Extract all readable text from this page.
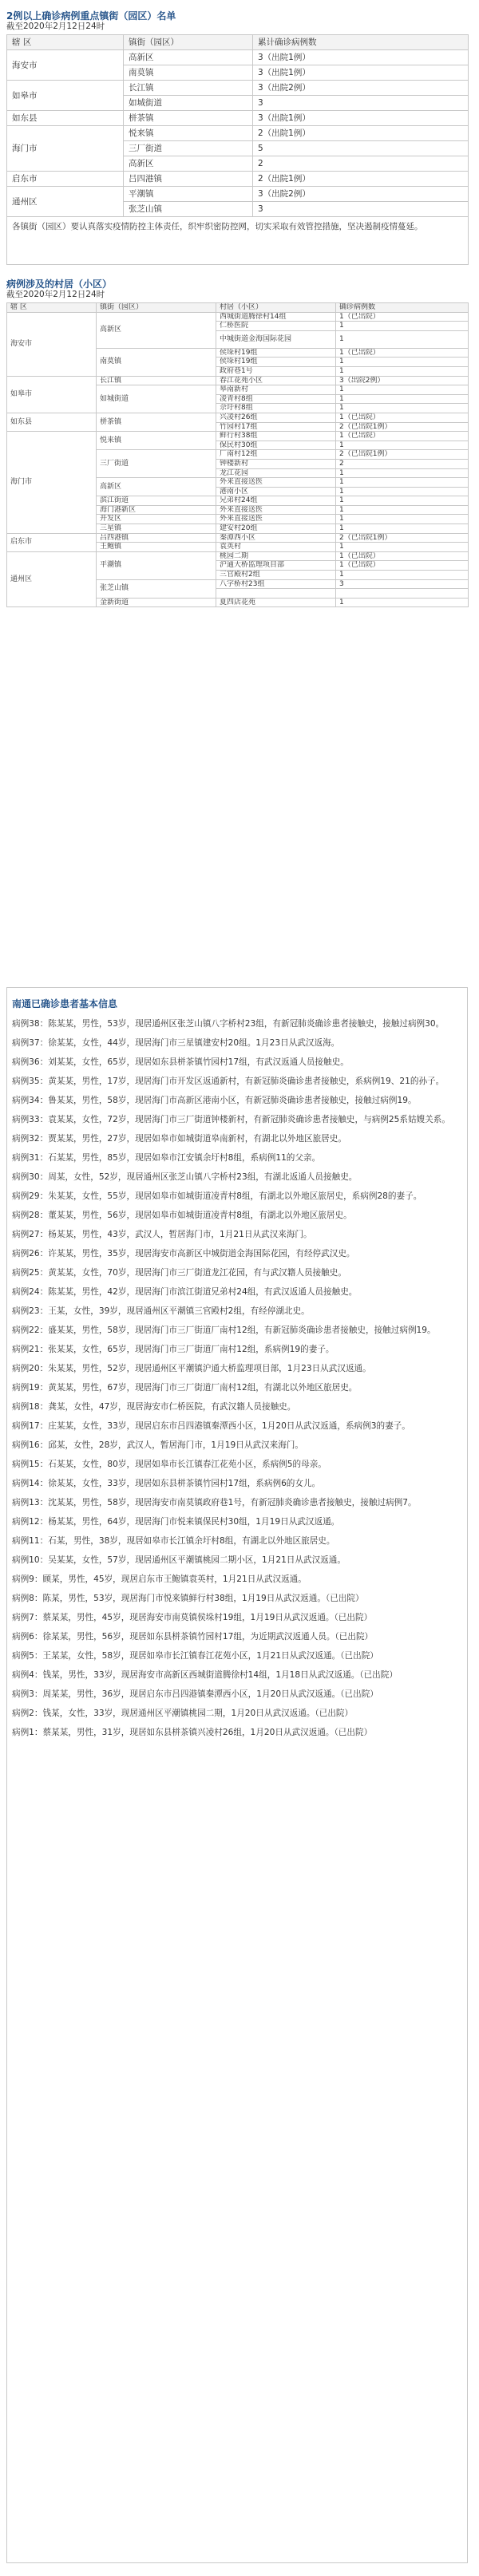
2例以上确诊病例重点镇街（园区）名单
截至2020年2月12日24时
辖 区	镇街（园区）	累计确诊病例数
海安市	高新区	3（出院1例）
	南莫镇	3（出院1例）
如皋市	长江镇	3（出院2例）
	如城街道	3
如东县	栟茶镇	3（出院1例）
海门市	悦来镇	2（出院1例）
	三厂街道	5
	高新区	2
启东市	吕四港镇	2（出院1例）
通州区	平潮镇	3（出院2例）
	张芝山镇	3
各镇街（园区）要认真落实疫情防控主体责任，织牢织密防控网，切实采取有效管控措施，坚决遏制疫情蔓延。		
病例涉及的村居（小区）
截至2020年2月12日24时
辖 区	镇街（园区）	村居（小区）	确诊病例数
海安市	高新区	西城街道腾徐村14组	1（已出院）
		仁桥医院	1
		中城街道金海国际花园	1
	南莫镇	侯垛村19组	1（已出院）
		侯垛村19组	1
		政府巷1号	1
如皋市	长江镇	春江花苑小区	3（出院2例）
	如城街道	皋南新村	1
		凌青村8组	1
		佘圩村8组	1
如东县	栟茶镇	兴凌村26组	1（已出院）
		竹园村17组	2（已出院1例）
海门市	悦来镇	鲜行村38组	1（已出院）
		保民村30组	1
	三厂街道	厂南村12组	2（已出院1例）
		钟楼新村	2
		龙江花园	1
	高新区	外来直接送医	1
		港南小区	1
	滨江街道	兄弟村24组	1
	海门港新区	外来直接送医	1
	开发区	外来直接送医	1
	三星镇	建安村20组	1
启东市	吕四港镇	秦潭西小区	2（已出院1例）
	王鲍镇	袁英村	1
通州区	平潮镇	桃园二期	1（已出院）
		沪通大桥监理项目部	1（已出院）
		三官殿村2组	1
	张芝山镇	八字桥村23组	3

	金新街道	夏四店花苑	1
南通已确诊患者基本信息
病例38：陈某某，男性，53岁，现居通州区张芝山镇八字桥村23组，有新冠肺炎确诊患者接触史，接触过病例30。
病例37：徐某某，女性，44岁，现居海门市三星镇建安村20组。1月23日从武汉返海。
病例36：刘某某，女性，65岁，现居如东县栟茶镇竹园村17组，有武汉返通人员接触史。
病例35：黄某某，男性，17岁，现居海门市开发区返通新村，有新冠肺炎确诊患者接触史，系病例19、21的孙子。
病例34：鲁某某，男性，58岁，现居海门市高新区港南小区，有新冠肺炎确诊患者接触史，接触过病例19。
病例33：袁某某，女性，72岁，现居海门市三厂街道钟楼新村，有新冠肺炎确诊患者接触史，与病例25系姑嫂关系。
病例32：贾某某，男性，27岁，现居如皋市如城街道皋南新村，有湖北以外地区旅居史。
病例31：石某某，男性，85岁，现居如皋市江安镇余圩村8组，系病例11的父亲。
病例30：周某，女性，52岁，现居通州区张芝山镇八字桥村23组，有湖北返通人员接触史。
病例29：朱某某，女性，55岁，现居如皋市如城街道凌青村8组，有湖北以外地区旅居史，系病例28的妻子。
病例28：董某某，男性，56岁，现居如皋市如城街道凌青村8组，有湖北以外地区旅居史。
病例27：杨某某，男性，43岁，武汉人，暂居海门市，1月21日从武汉来海门。
病例26：许某某，男性，35岁，现居海安市高新区中城街道金海国际花园，有经停武汉史。
病例25：黄某某，女性，70岁，现居海门市三厂街道龙江花园，有与武汉籍人员接触史。
病例24：陈某某，男性，42岁，现居海门市滨江街道兄弟村24组，有武汉返通人员接触史。
病例23：王某，女性，39岁，现居通州区平潮镇三官殿村2组，有经停湖北史。
病例22：盛某某，男性，58岁，现居海门市三厂街道厂南村12组，有新冠肺炎确诊患者接触史，接触过病例19。
病例21：张某某，女性，65岁，现居海门市三厂街道厂南村12组，系病例19的妻子。
病例20：朱某某，男性，52岁，现居通州区平潮镇沪通大桥监理项目部，1月23日从武汉返通。
病例19：黄某某，男性，67岁，现居海门市三厂街道厂南村12组，有湖北以外地区旅居史。
病例18：龚某，女性，47岁，现居海安市仁桥医院，有武汉籍人员接触史。
病例17：庄某某，女性，33岁，现居启东市吕四港镇秦潭西小区，1月20日从武汉返通，系病例3的妻子。
病例16：邱某，女性，28岁，武汉人，暂居海门市，1月19日从武汉来海门。
病例15：石某某，女性，80岁，现居如皋市长江镇春江花苑小区，系病例5的母亲。
病例14：徐某某，女性，33岁，现居如东县栟茶镇竹园村17组，系病例6的女儿。
病例13：沈某某，男性，58岁，现居海安市南莫镇政府巷1号，有新冠肺炎确诊患者接触史，接触过病例7。
病例12：杨某某，男性，64岁，现居海门市悦来镇保民村30组，1月19日从武汉返通。
病例11：石某，男性，38岁，现居如皋市长江镇余圩村8组，有湖北以外地区旅居史。
病例10：吴某某，女性，57岁，现居通州区平潮镇桃园二期小区，1月21日从武汉返通。
病例9：顾某，男性，45岁，现居启东市王鲍镇袁英村，1月21日从武汉返通。
病例8：陈某，男性，53岁，现居海门市悦来镇鲜行村38组，1月19日从武汉返通。（已出院）
病例7：蔡某某，男性，45岁，现居海安市南莫镇侯垛村19组，1月19日从武汉返通。（已出院）
病例6：徐某某，男性，56岁，现居如东县栟茶镇竹园村17组，为近期武汉返通人员。（已出院）
病例5：王某某，女性，58岁，现居如皋市长江镇春江花苑小区，1月21日从武汉返通。（已出院）
病例4：钱某，男性，33岁，现居海安市高新区西城街道腾徐村14组，1月18日从武汉返通。（已出院）
病例3：周某某，男性，36岁，现居启东市吕四港镇秦潭西小区，1月20日从武汉返通。（已出院）
病例2：钱某，女性，33岁，现居通州区平潮镇桃园二期，1月20日从武汉返通。（已出院）
病例1：蔡某某，男性，31岁，现居如东县栟茶镇兴凌村26组，1月20日从武汉返通。（已出院）
